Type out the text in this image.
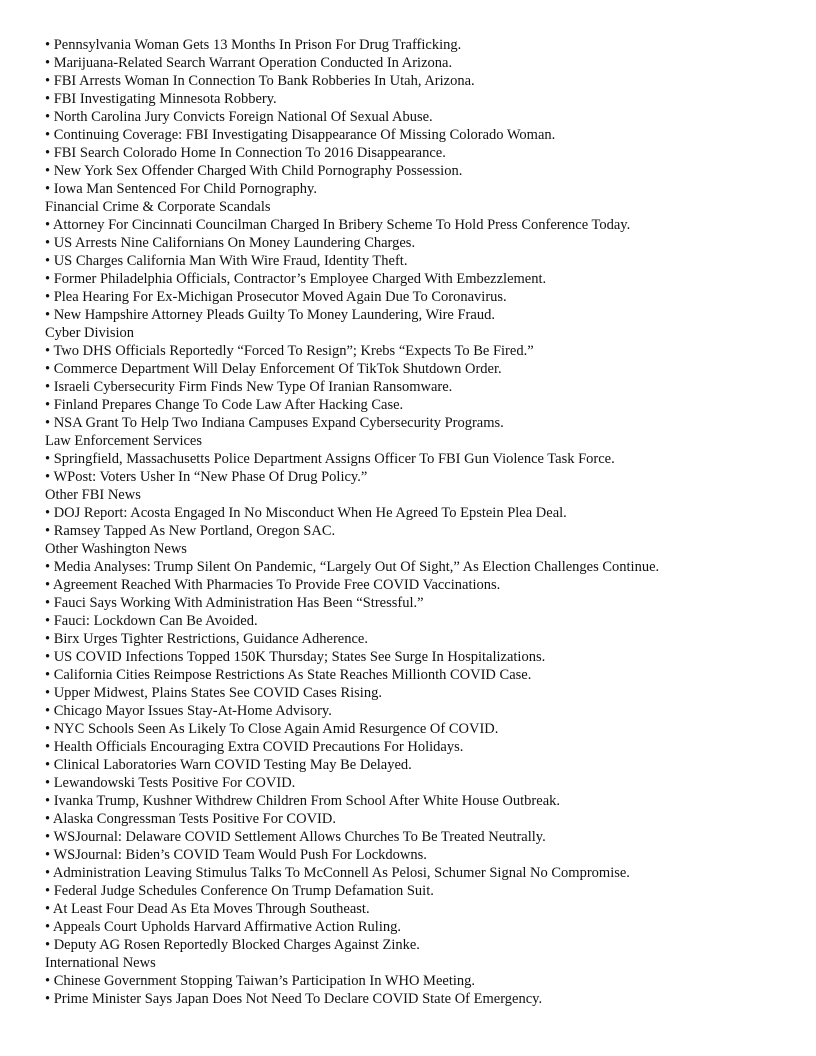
• Pennsylvania Woman Gets 13 Months In Prison For Drug Trafficking.
• Marijuana-Related Search Warrant Operation Conducted In Arizona.
• FBI Arrests Woman In Connection To Bank Robberies In Utah, Arizona.
• FBI Investigating Minnesota Robbery.
• North Carolina Jury Convicts Foreign National Of Sexual Abuse.
• Continuing Coverage: FBI Investigating Disappearance Of Missing Colorado Woman.
• FBI Search Colorado Home In Connection To 2016 Disappearance.
• New York Sex Offender Charged With Child Pornography Possession.
• Iowa Man Sentenced For Child Pornography.
Financial Crime & Corporate Scandals
• Attorney For Cincinnati Councilman Charged In Bribery Scheme To Hold Press Conference Today.
• US Arrests Nine Californians On Money Laundering Charges.
• US Charges California Man With Wire Fraud, Identity Theft.
• Former Philadelphia Officials, Contractor’s Employee Charged With Embezzlement.
• Plea Hearing For Ex-Michigan Prosecutor Moved Again Due To Coronavirus.
• New Hampshire Attorney Pleads Guilty To Money Laundering, Wire Fraud.
Cyber Division
• Two DHS Officials Reportedly “Forced To Resign”; Krebs “Expects To Be Fired.”
• Commerce Department Will Delay Enforcement Of TikTok Shutdown Order.
• Israeli Cybersecurity Firm Finds New Type Of Iranian Ransomware.
• Finland Prepares Change To Code Law After Hacking Case.
• NSA Grant To Help Two Indiana Campuses Expand Cybersecurity Programs.
Law Enforcement Services
• Springfield, Massachusetts Police Department Assigns Officer To FBI Gun Violence Task Force.
• WPost: Voters Usher In “New Phase Of Drug Policy.”
Other FBI News
• DOJ Report: Acosta Engaged In No Misconduct When He Agreed To Epstein Plea Deal.
• Ramsey Tapped As New Portland, Oregon SAC.
Other Washington News
• Media Analyses: Trump Silent On Pandemic, “Largely Out Of Sight,” As Election Challenges Continue.
• Agreement Reached With Pharmacies To Provide Free COVID Vaccinations.
• Fauci Says Working With Administration Has Been “Stressful.”
• Fauci: Lockdown Can Be Avoided.
• Birx Urges Tighter Restrictions, Guidance Adherence.
• US COVID Infections Topped 150K Thursday; States See Surge In Hospitalizations.
• California Cities Reimpose Restrictions As State Reaches Millionth COVID Case.
• Upper Midwest, Plains States See COVID Cases Rising.
• Chicago Mayor Issues Stay-At-Home Advisory.
• NYC Schools Seen As Likely To Close Again Amid Resurgence Of COVID.
• Health Officials Encouraging Extra COVID Precautions For Holidays.
• Clinical Laboratories Warn COVID Testing May Be Delayed.
• Lewandowski Tests Positive For COVID.
• Ivanka Trump, Kushner Withdrew Children From School After White House Outbreak.
• Alaska Congressman Tests Positive For COVID.
• WSJournal: Delaware COVID Settlement Allows Churches To Be Treated Neutrally.
• WSJournal: Biden’s COVID Team Would Push For Lockdowns.
• Administration Leaving Stimulus Talks To McConnell As Pelosi, Schumer Signal No Compromise.
• Federal Judge Schedules Conference On Trump Defamation Suit.
• At Least Four Dead As Eta Moves Through Southeast.
• Appeals Court Upholds Harvard Affirmative Action Ruling.
• Deputy AG Rosen Reportedly Blocked Charges Against Zinke.
International News
• Chinese Government Stopping Taiwan’s Participation In WHO Meeting.
• Prime Minister Says Japan Does Not Need To Declare COVID State Of Emergency.
